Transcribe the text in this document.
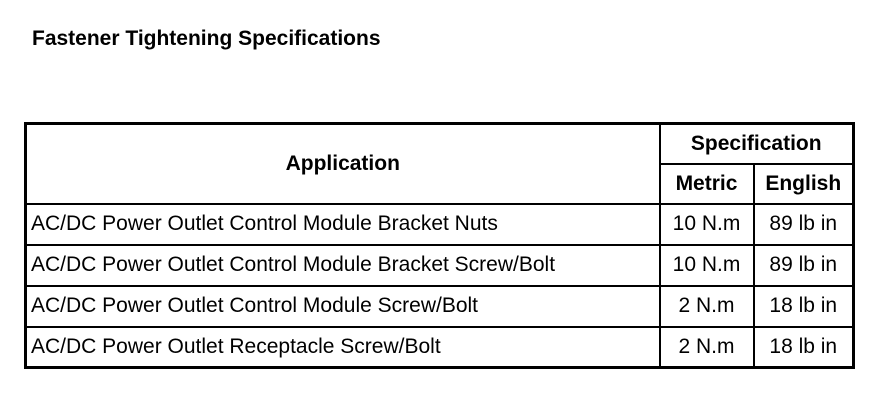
Fastener Tightening Specifications
Application	Specification	
	Metric	English
AC/DC Power Outlet Control Module Bracket Nuts	10 N.m	89 lb in
AC/DC Power Outlet Control Module Bracket Screw/Bolt	10 N.m	89 lb in
AC/DC Power Outlet Control Module Screw/Bolt	2 N.m	18 lb in
AC/DC Power Outlet Receptacle Screw/Bolt	2 N.m	18 lb in
